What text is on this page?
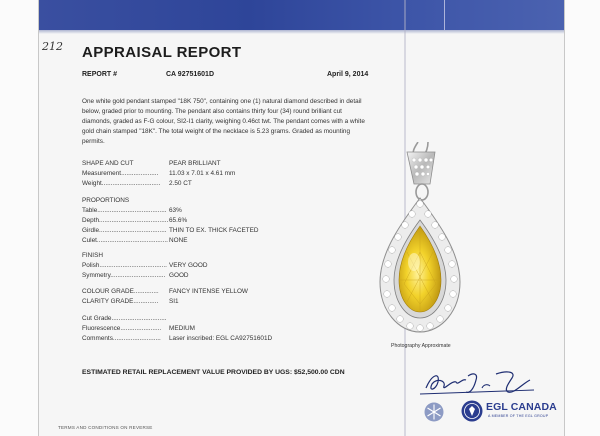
212 APPRAISAL REPORT
REPORT #	CA 92751601D	April 9, 2014
One white gold pendant stamped "18K 750", containing one (1) natural diamond described in detail below, graded prior to mounting. The pendant also contains thirty four (34) round brilliant cut diamonds, graded as F-G colour, SI2-I1 clarity, weighing 0.46ct twt. The pendant comes with a white gold chain stamped "18K". The total weight of the necklace is 5.23 grams. Graded as mounting permits.
SHAPE AND CUT	PEAR BRILLIANT
Measurement..................... 11.03 x 7.01 x 4.61 mm
Weight................................. 2.50 CT
PROPORTIONS
Table....................................... 63%
Depth....................................... 65.6%
Girdle...................................... THIN TO EX. THICK FACETED
Culet........................................ NONE
FINISH
Polish...................................... VERY GOOD
Symmetry............................... GOOD
COLOUR GRADE.............. FANCY INTENSE YELLOW
CLARITY GRADE.............. SI1
Cut Grade...............................
Fluorescence....................... MEDIUM
Comments........................... Laser inscribed: EGL CA92751601D
Photography Approximate
ESTIMATED RETAIL REPLACEMENT VALUE PROVIDED BY UGS: $52,500.00 CDN
EGL CANADA
A MEMBER OF THE EGL GROUP
TERMS AND CONDITIONS ON REVERSE
